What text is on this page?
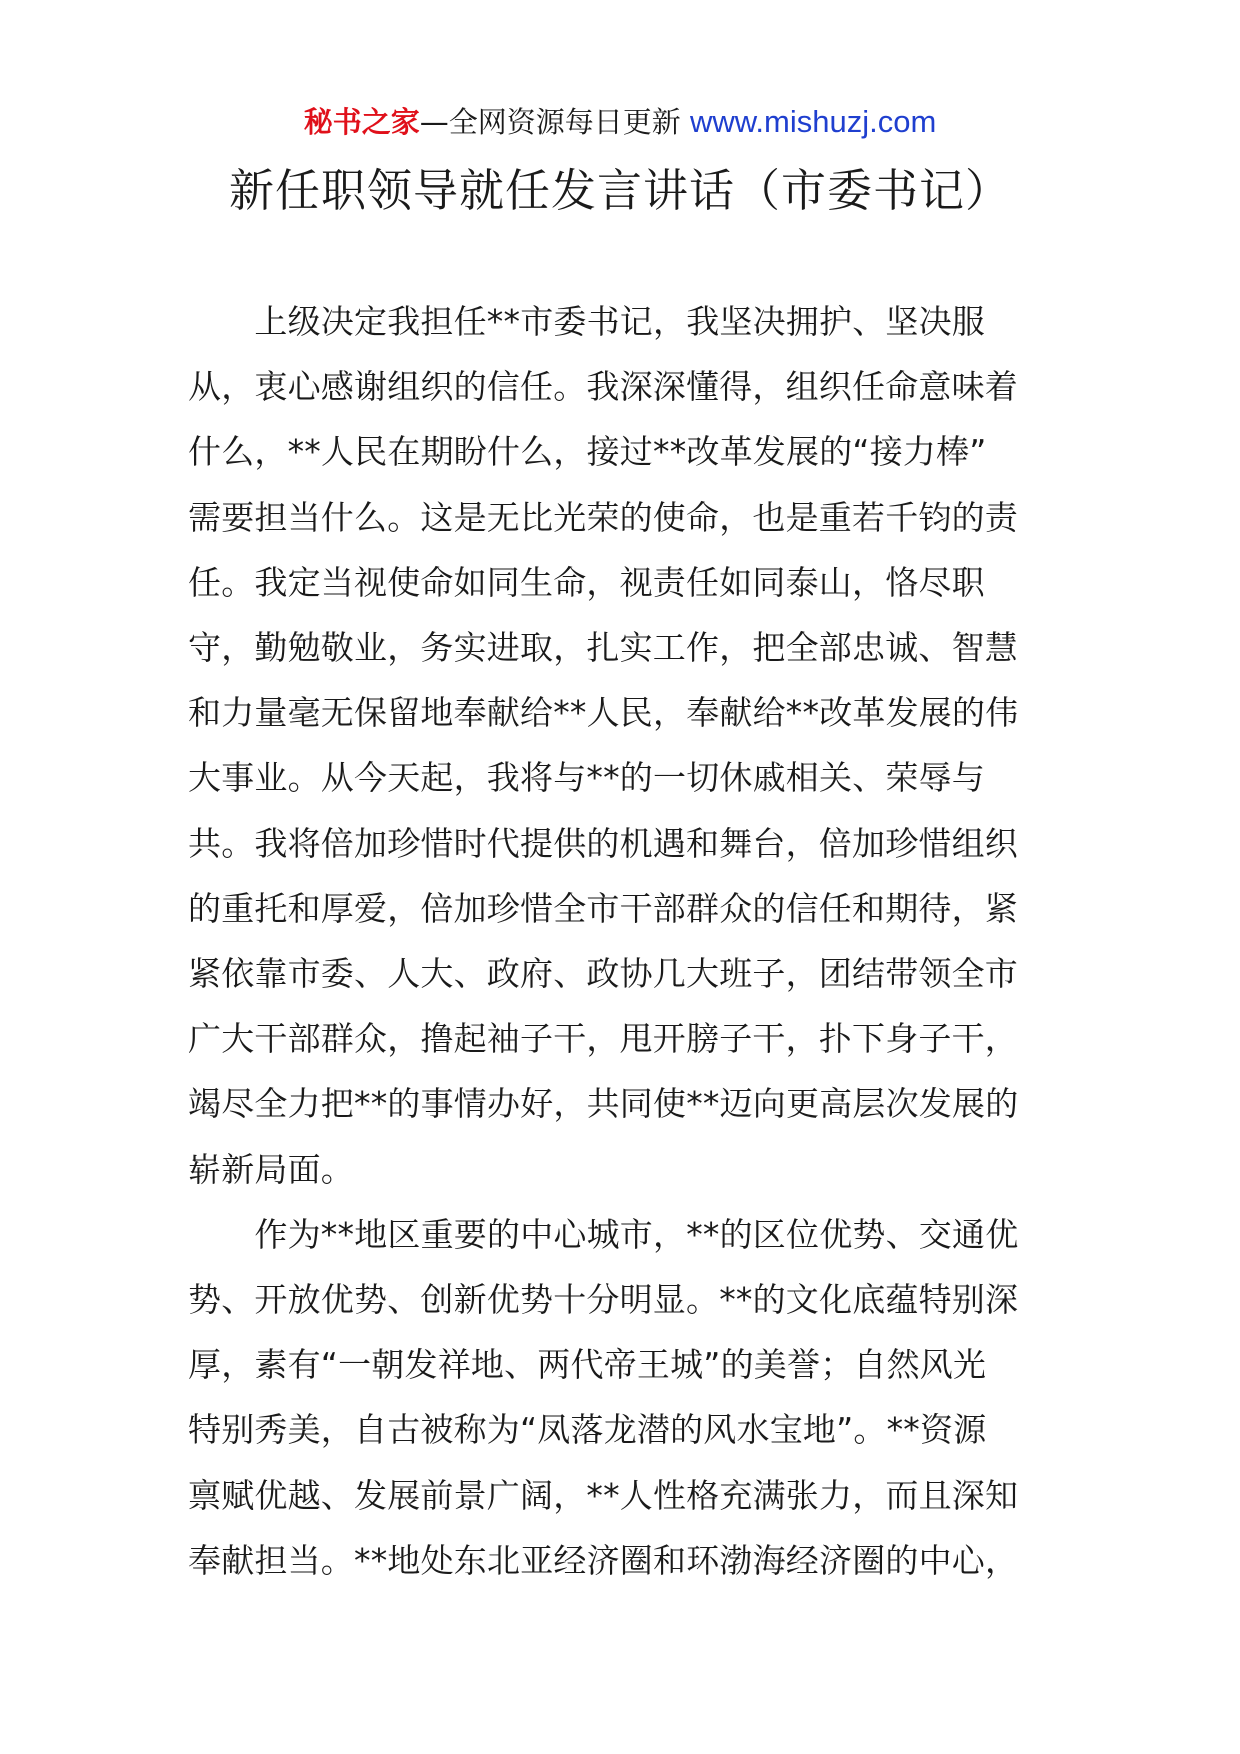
秘书之家—全网资源每日更新 www.mishuzj.com
新任职领导就任发言讲话（市委书记）

　　上级决定我担任**市委书记，我坚决拥护、坚决服

从，衷心感谢组织的信任。我深深懂得，组织任命意味着

什么，**人民在期盼什么，接过**改革发展的“接力棒”

需要担当什么。这是无比光荣的使命，也是重若千钧的责

任。我定当视使命如同生命，视责任如同泰山，恪尽职

守，勤勉敬业，务实进取，扎实工作，把全部忠诚、智慧

和力量毫无保留地奉献给**人民，奉献给**改革发展的伟

大事业。从今天起，我将与**的一切休戚相关、荣辱与

共。我将倍加珍惜时代提供的机遇和舞台，倍加珍惜组织

的重托和厚爱，倍加珍惜全市干部群众的信任和期待，紧

紧依靠市委、人大、政府、政协几大班子，团结带领全市

广大干部群众，撸起袖子干，甩开膀子干，扑下身子干，

竭尽全力把**的事情办好，共同使**迈向更高层次发展的

崭新局面。

　　作为**地区重要的中心城市，**的区位优势、交通优

势、开放优势、创新优势十分明显。**的文化底蕴特别深

厚，素有“一朝发祥地、两代帝王城”的美誉；自然风光

特别秀美，自古被称为“凤落龙潜的风水宝地”。**资源

禀赋优越、发展前景广阔，**人性格充满张力，而且深知

奉献担当。**地处东北亚经济圈和环渤海经济圈的中心，
